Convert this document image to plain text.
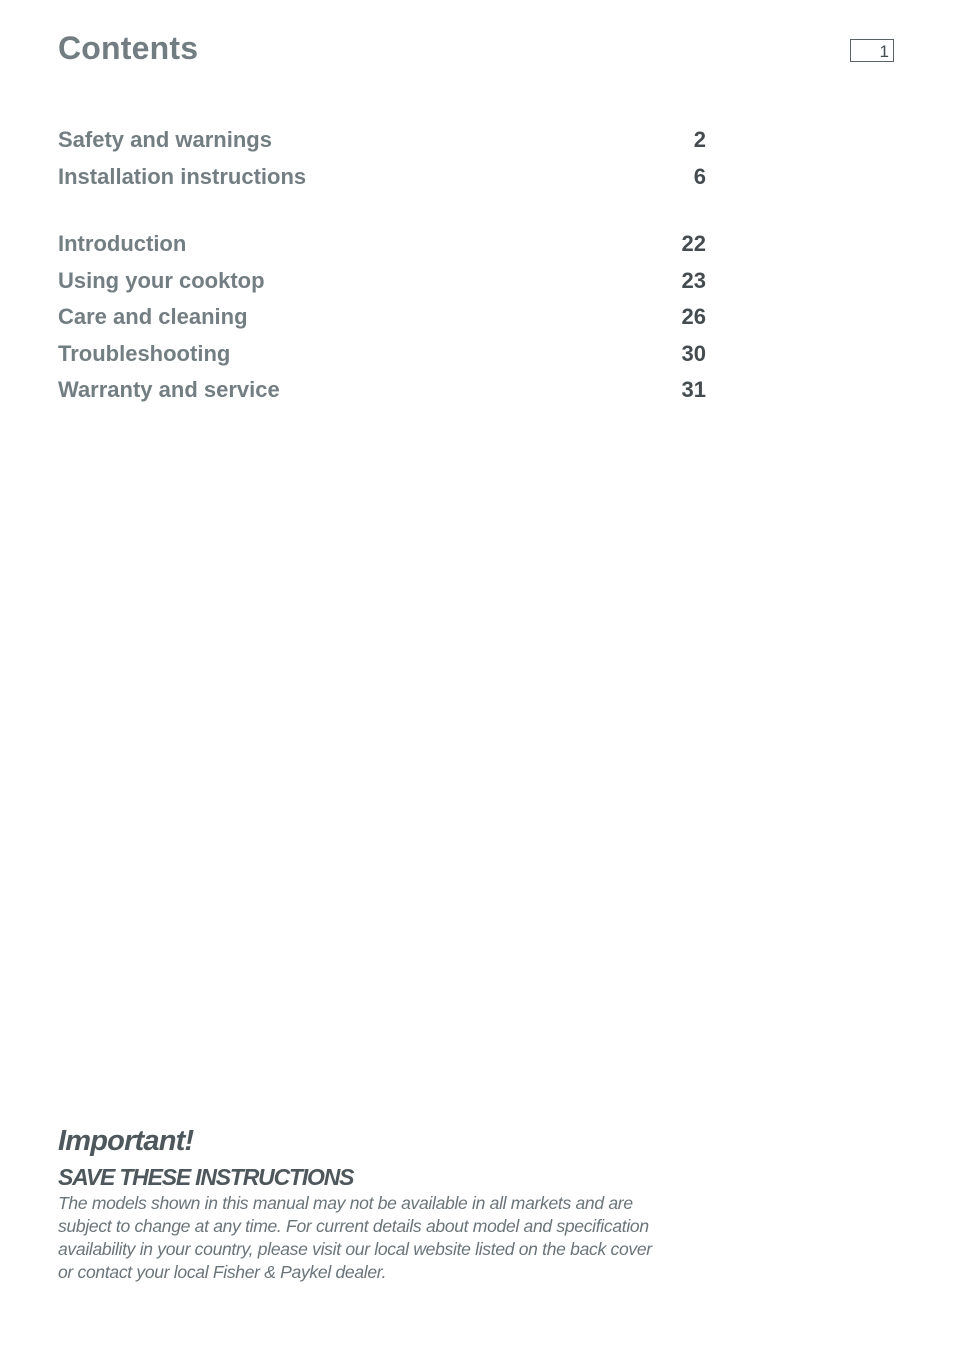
Contents	1
Safety and warnings	2
Installation instructions	6
Introduction	22
Using your cooktop	23
Care and cleaning	26
Troubleshooting	30
Warranty and service	31
Important!
SAVE THESE INSTRUCTIONS

The models shown in this manual may not be available in all markets and are
subject to change at any time. For current details about model and specification
availability in your country, please visit our local website listed on the back cover
or contact your local Fisher & Paykel dealer.
